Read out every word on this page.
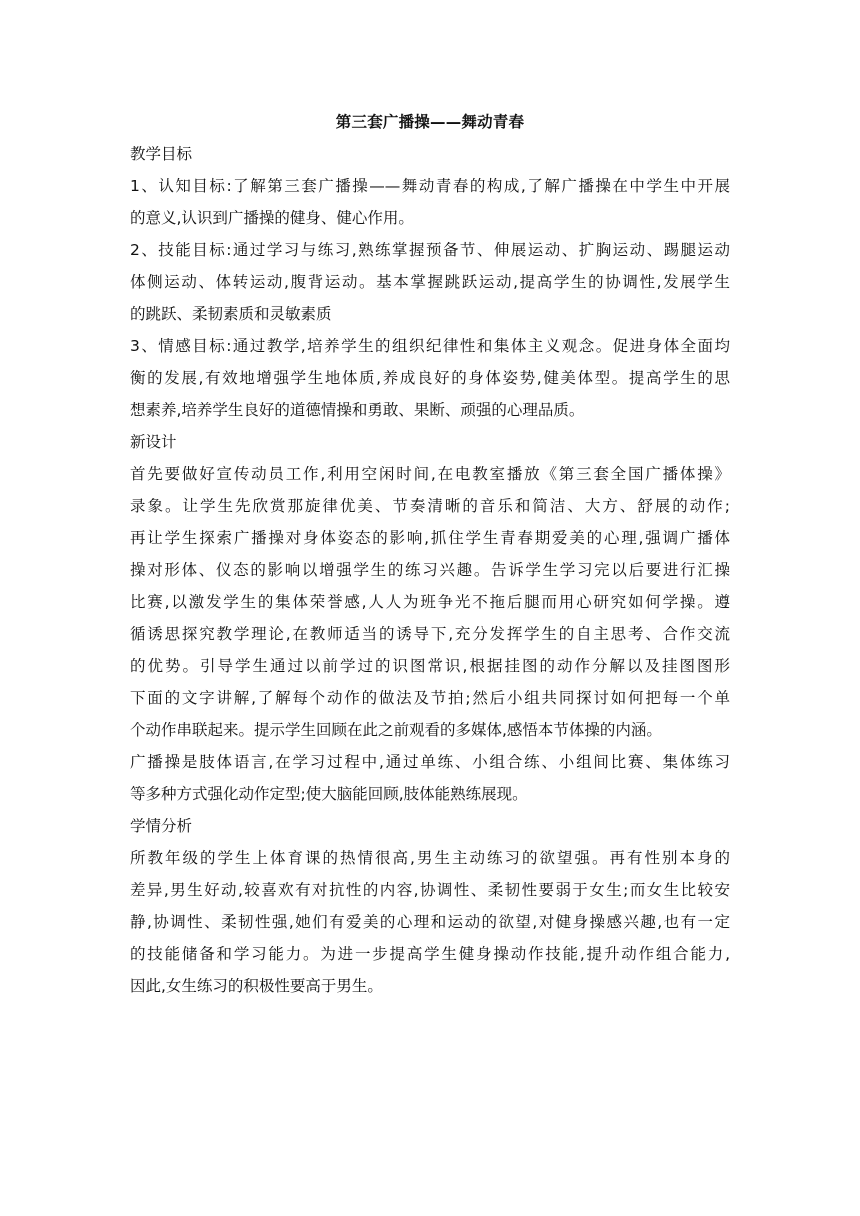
第三套广播操——舞动青春
教学目标

1、认知目标:了解第三套广播操——舞动青春的构成,了解广播操在中学生中开展
的意义,认识到广播操的健身、健心作用。

2、技能目标:通过学习与练习,熟练掌握预备节、伸展运动、扩胸运动、踢腿运动
体侧运动、体转运动,腹背运动。基本掌握跳跃运动,提高学生的协调性,发展学生
的跳跃、柔韧素质和灵敏素质

3、情感目标:通过教学,培养学生的组织纪律性和集体主义观念。促进身体全面均
衡的发展,有效地增强学生地体质,养成良好的身体姿势,健美体型。提高学生的思
想素养,培养学生良好的道德情操和勇敢、果断、顽强的心理品质。

新设计

首先要做好宣传动员工作,利用空闲时间,在电教室播放《第三套全国广播体操》
录象。让学生先欣赏那旋律优美、节奏清晰的音乐和简洁、大方、舒展的动作;
再让学生探索广播操对身体姿态的影响,抓住学生青春期爱美的心理,强调广播体
操对形体、仪态的影响以增强学生的练习兴趣。告诉学生学习完以后要进行汇操
比赛,以激发学生的集体荣誉感,人人为班争光不拖后腿而用心研究如何学操。遵
循诱思探究教学理论,在教师适当的诱导下,充分发挥学生的自主思考、合作交流
的优势。引导学生通过以前学过的识图常识,根据挂图的动作分解以及挂图图形
下面的文字讲解,了解每个动作的做法及节拍;然后小组共同探讨如何把每一个单
个动作串联起来。提示学生回顾在此之前观看的多媒体,感悟本节体操的内涵。
广播操是肢体语言,在学习过程中,通过单练、小组合练、小组间比赛、集体练习
等多种方式强化动作定型;使大脑能回顾,肢体能熟练展现。

学情分析

所教年级的学生上体育课的热情很高,男生主动练习的欲望强。再有性别本身的
差异,男生好动,较喜欢有对抗性的内容,协调性、柔韧性要弱于女生;而女生比较安
静,协调性、柔韧性强,她们有爱美的心理和运动的欲望,对健身操感兴趣,也有一定
的技能储备和学习能力。为进一步提高学生健身操动作技能,提升动作组合能力,
因此,女生练习的积极性要高于男生。
